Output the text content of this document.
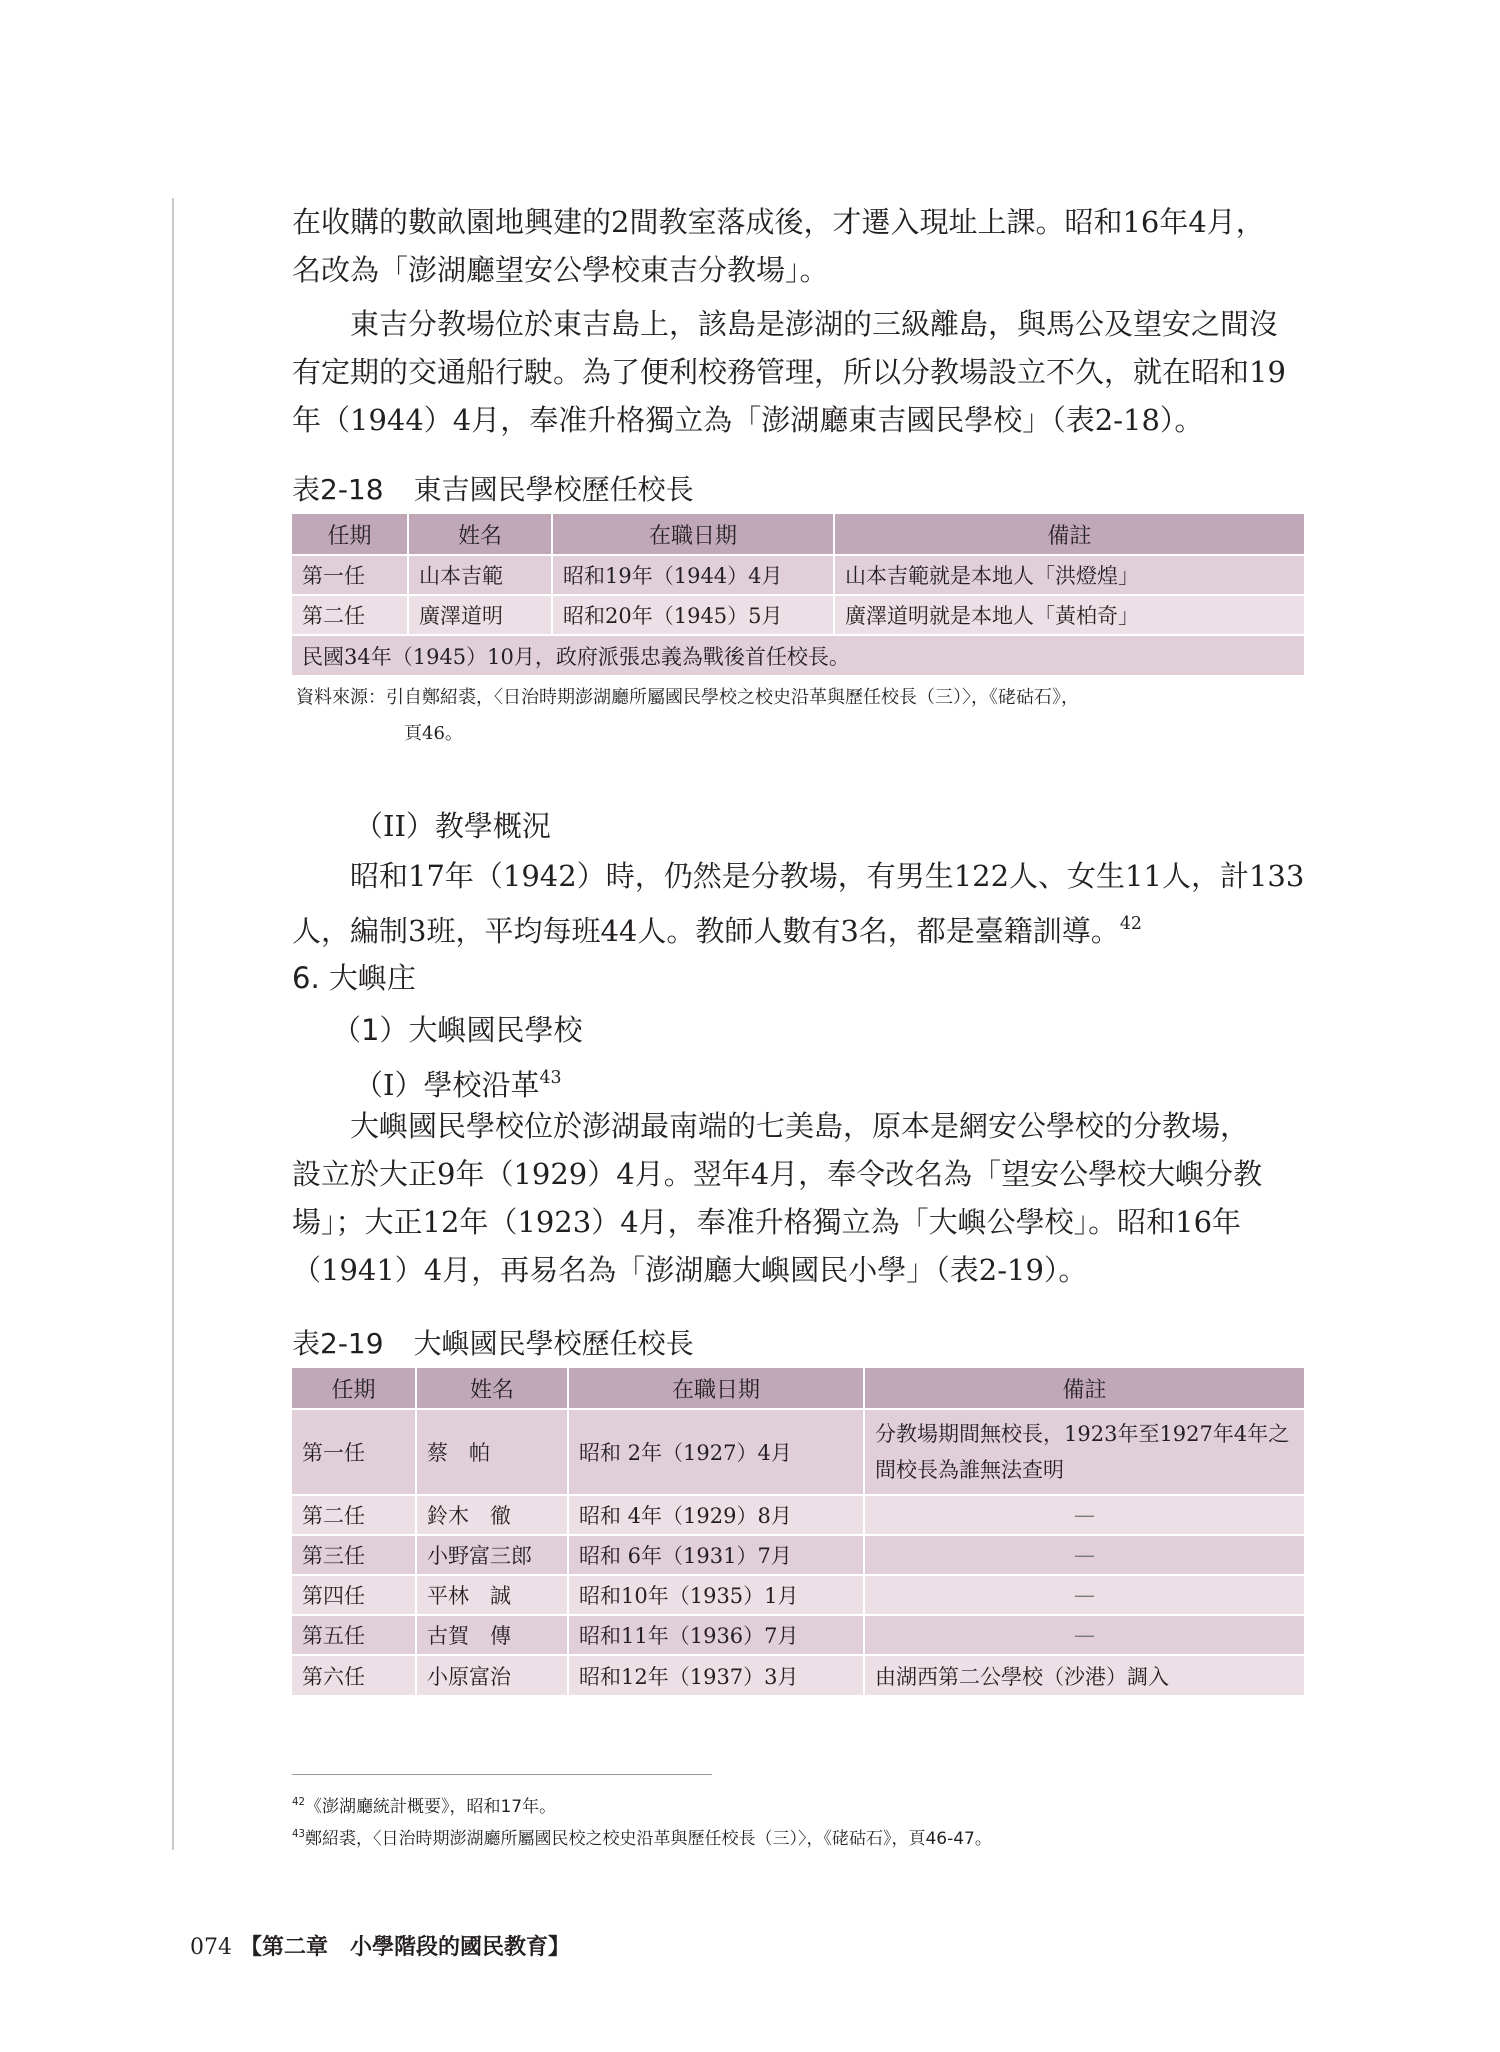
在收購的數畝園地興建的2間教室落成後，才遷入現址上課。昭和16年4月，
名改為「澎湖廳望安公學校東吉分教場」。
東吉分教場位於東吉島上，該島是澎湖的三級離島，與馬公及望安之間沒
有定期的交通船行駛。為了便利校務管理，所以分教場設立不久，就在昭和19
年（1944）4月，奉准升格獨立為「澎湖廳東吉國民學校」（表2-18）。
表2-18 東吉國民學校歷任校長
任期	姓名	在職日期	備註
第一任	山本吉範	昭和19年（1944）4月	山本吉範就是本地人「洪燈煌」
第二任	廣澤道明	昭和20年（1945）5月	廣澤道明就是本地人「黃柏奇」
民國34年（1945）10月，政府派張忠義為戰後首任校長。			
資料來源：引自鄭紹裘，〈日治時期澎湖廳所屬國民學校之校史沿革與歷任校長（三）〉，《硓𥑮石》，
頁46。
（II）教學概況
昭和17年（1942）時，仍然是分教場，有男生122人、女生11人，計133
人，編制3班，平均每班44人。教師人數有3名，都是臺籍訓導。$^{42}$
6. 大嶼庄
（1）大嶼國民學校
（I）學校沿革$^{43}$
大嶼國民學校位於澎湖最南端的七美島，原本是網安公學校的分教場，
設立於大正9年（1929）4月。翌年4月，奉令改名為「望安公學校大嶼分教
場」；大正12年（1923）4月，奉准升格獨立為「大嶼公學校」。昭和16年
（1941）4月，再易名為「澎湖廳大嶼國民小學」（表2-19）。
表2-19 大嶼國民學校歷任校長
任期	姓名	在職日期	備註
第一任	蔡　帕	昭和 2年（1927）4月	分教場期間無校長，1923年至1927年4年之間校長為誰無法查明
第二任	鈴木　徹	昭和 4年（1929）8月	—
第三任	小野富三郎	昭和 6年（1931）7月	—
第四任	平林　誠	昭和10年（1935）1月	—
第五任	古賀　傳	昭和11年（1936）7月	—
第六任	小原富治	昭和12年（1937）3月	由湖西第二公學校（沙港）調入
$^{42}$《澎湖廳統計概要》，昭和17年。
$^{43}$鄭紹裘，〈日治時期澎湖廳所屬國民校之校史沿革與歷任校長（三）〉，《硓𥑮石》，頁46-47。
074 【第二章　小學階段的國民教育】
